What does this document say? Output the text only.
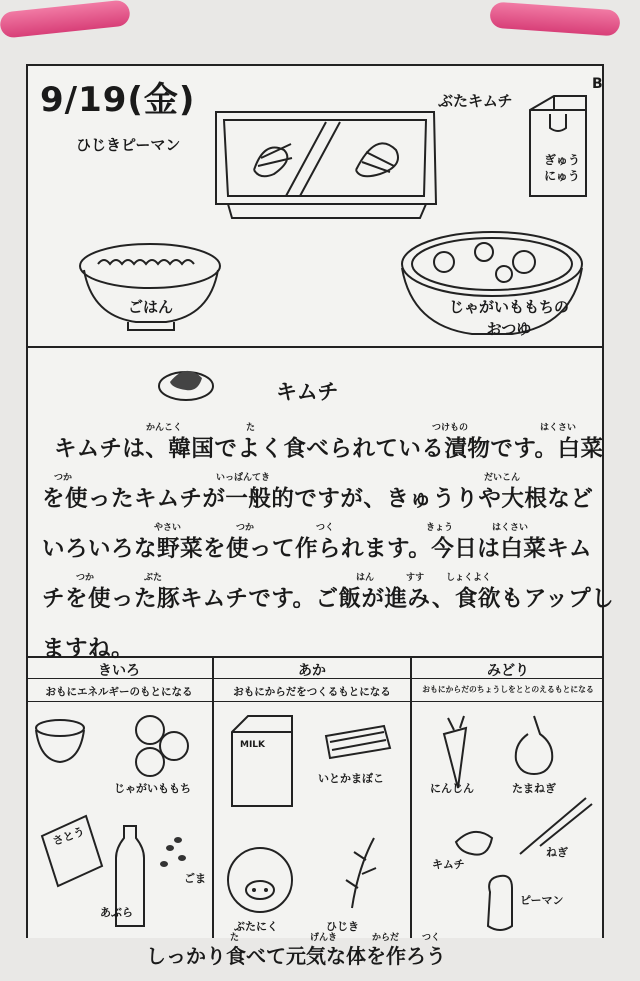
9/19(金)	B
ひじきピーマン
ぶたキムチ
ぎゅう
にゅう
ごはん	じゃがいももちの
おつゆ
キムチ
キムチは、韓国でよく食べられている漬物です。白菜
を使ったキムチが一般的ですが、きゅうりや大根など
いろいろな野菜を使って作られます。今日は白菜キム
チを使った豚キムチです。ご飯が進み、食欲もアップし
ますね。
かんこく	た	つけもの	はくさい
つか	いっぱんてき	だいこん
やさい	つか	つく	きょう	はくさい
つか	ぶた	はん	すす しょくよく
きいろ	あか	みどり
おもにエネルギーのもとになる	おもにからだをつくるもとになる	おもにからだのちょうしをととのえるもとになる
じゃがいももち
さとう
ごま
あぶら
MILK
いとかまぼこ
ぶたにく	ひじき
にんじん	たまねぎ
キムチ
ねぎ
ピーマン
た	げんき	からだ	つく
しっかり食べて元気な体を作ろう
